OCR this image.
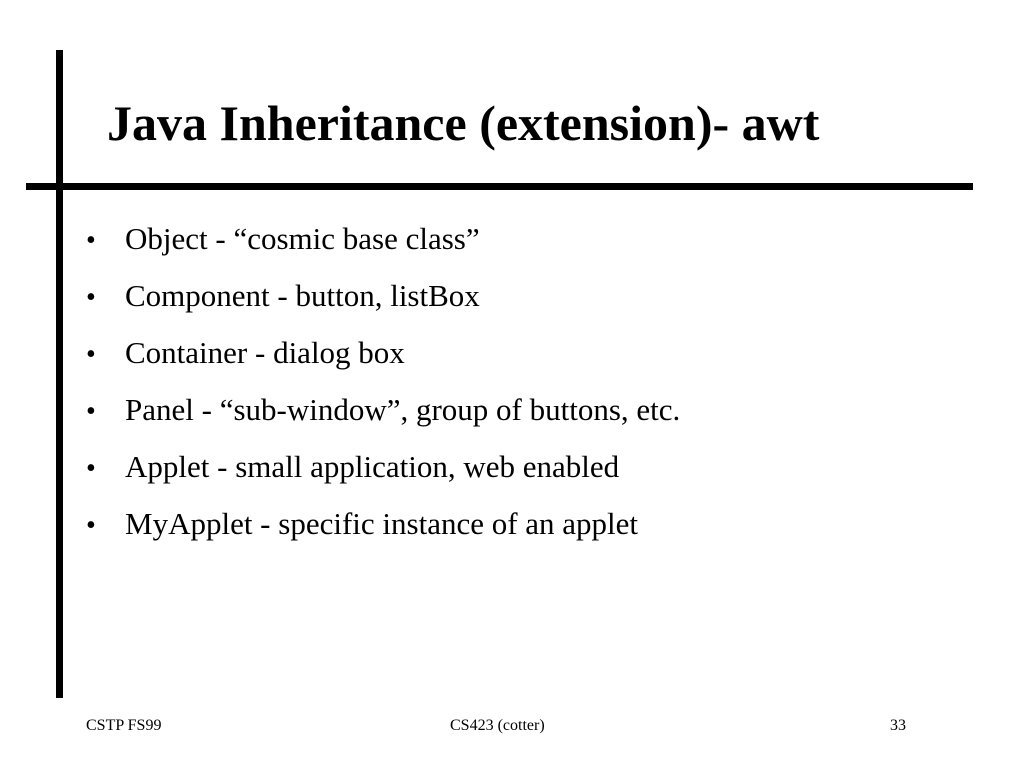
Java Inheritance (extension)- awt
• Object - “cosmic base class”
• Component - button, listBox
• Container - dialog box
• Panel - “sub-window”, group of buttons, etc.
• Applet - small application, web enabled
• MyApplet - specific instance of an applet
CSTP FS99	CS423 (cotter)	33
